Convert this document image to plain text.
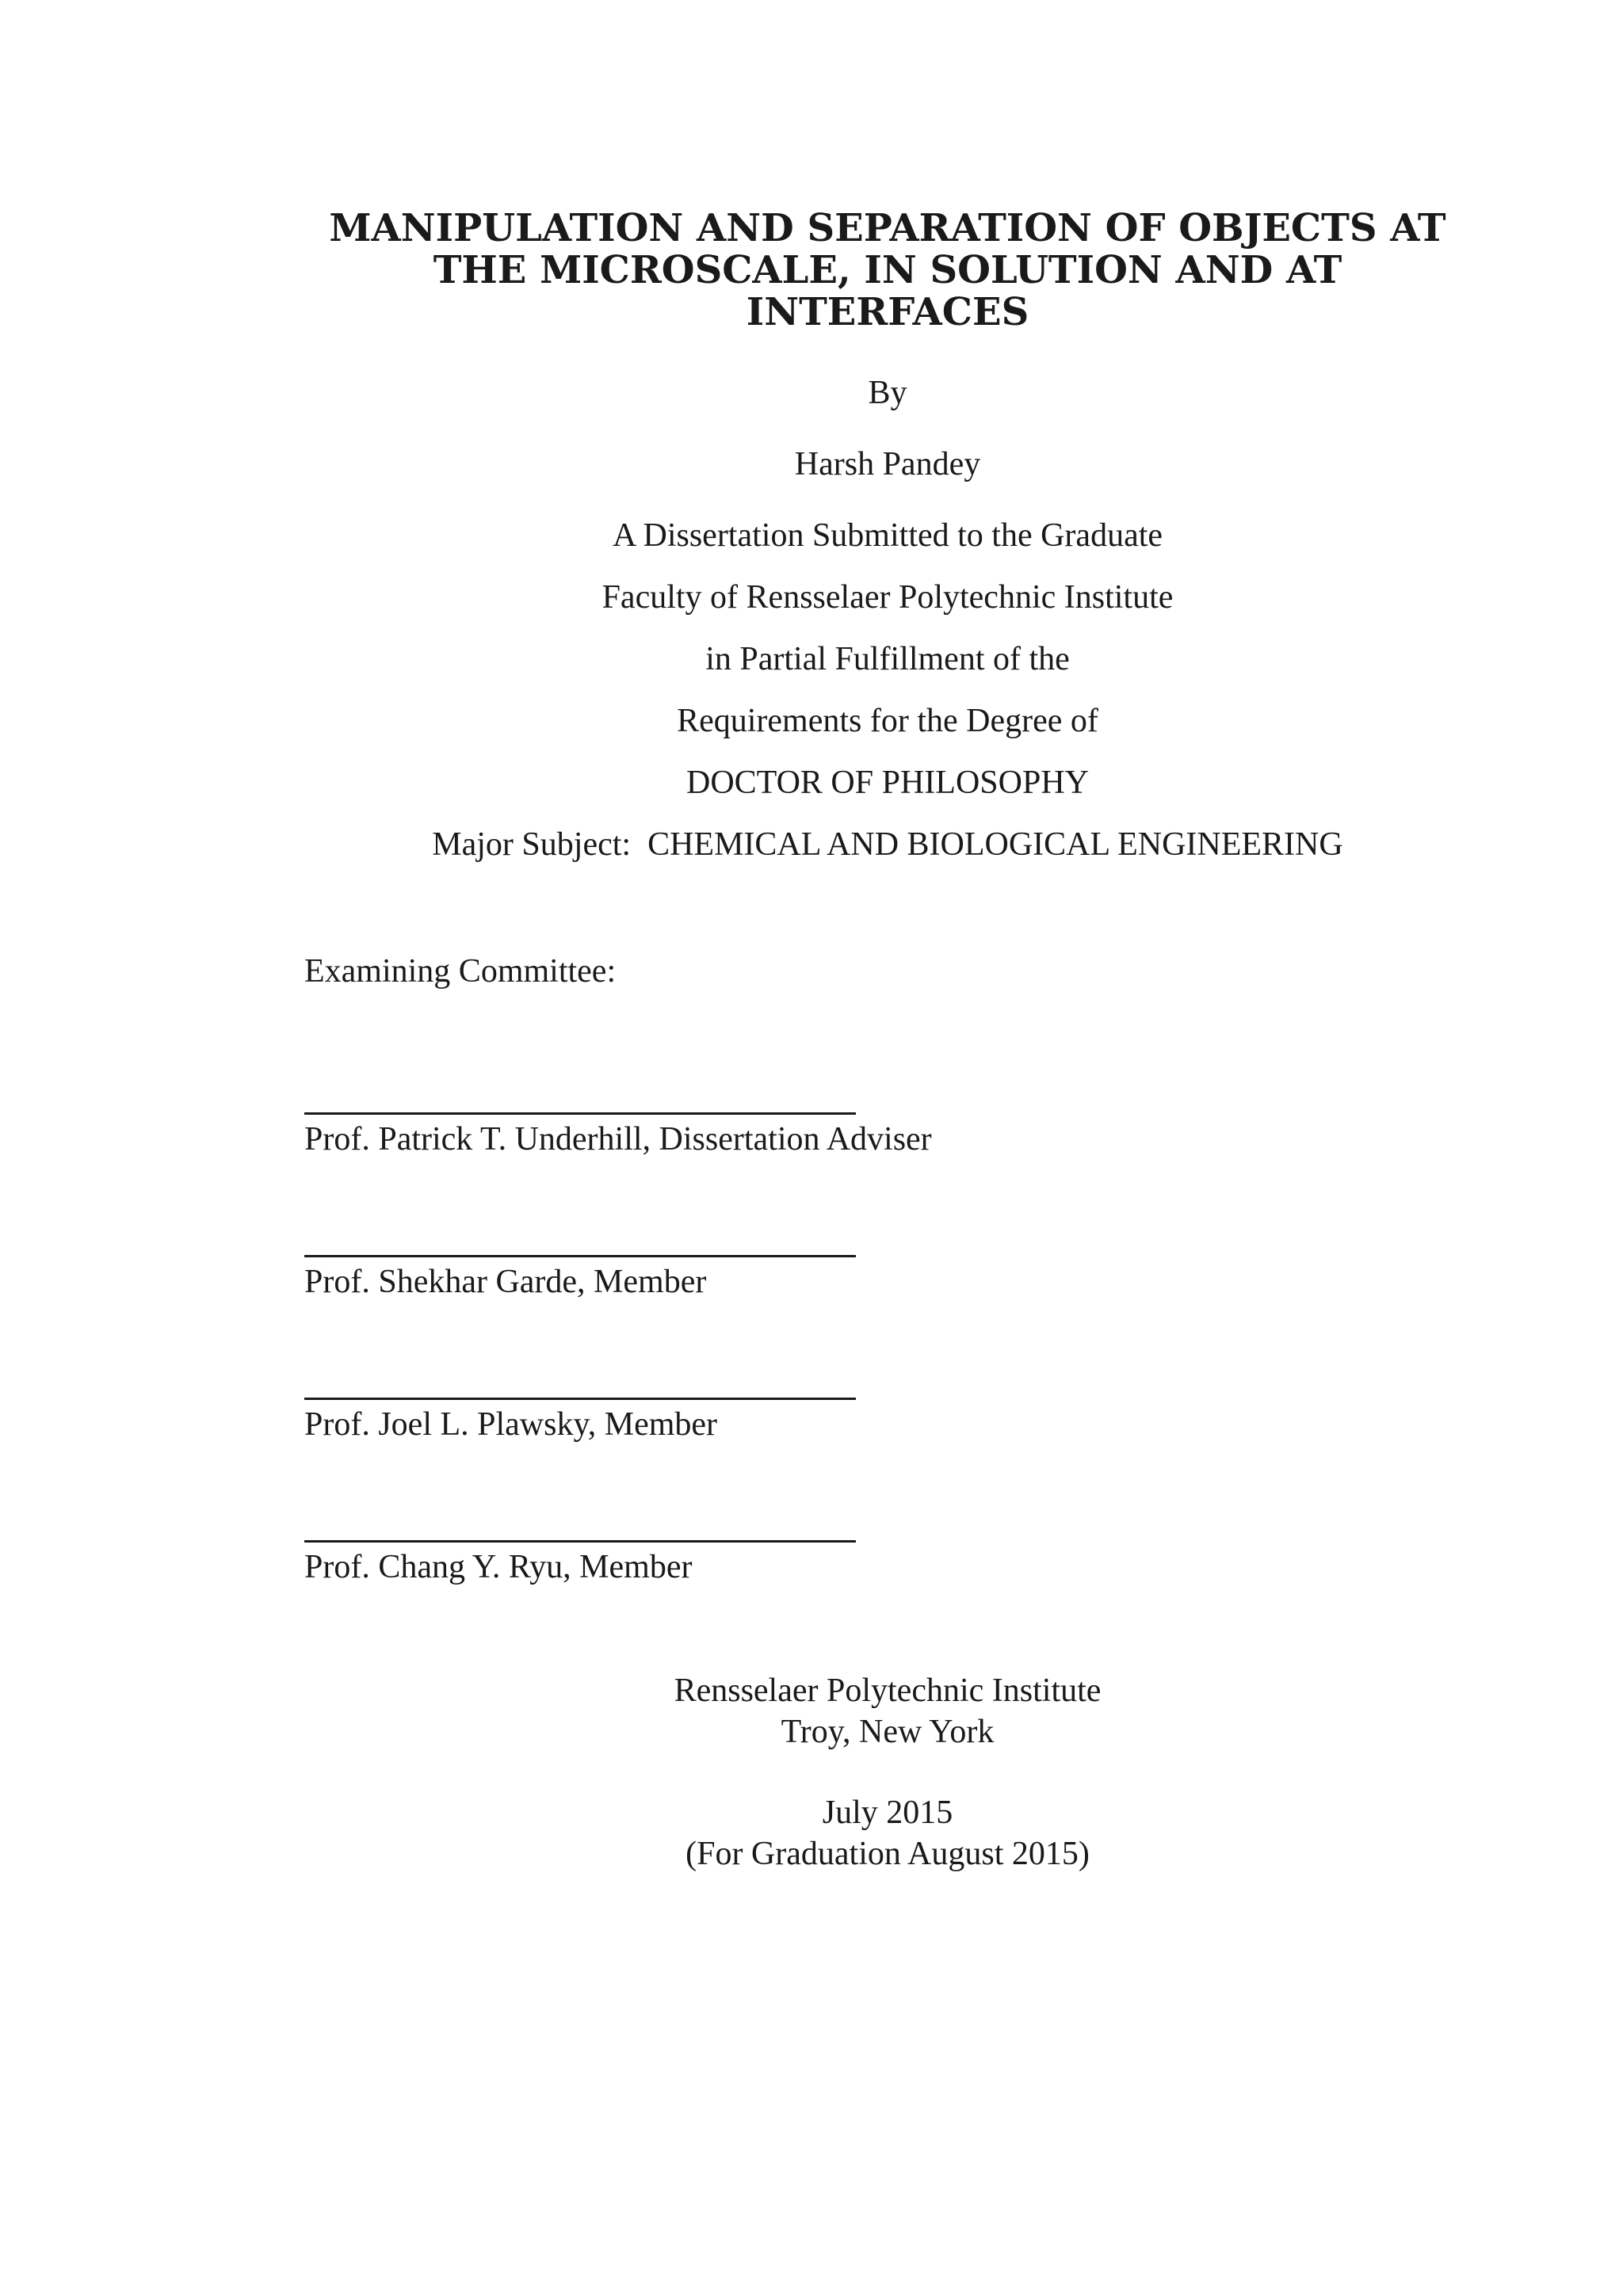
MANIPULATION AND SEPARATION OF OBJECTS AT
THE MICROSCALE, IN SOLUTION AND AT
INTERFACES
By
Harsh Pandey
A Dissertation Submitted to the Graduate
Faculty of Rensselaer Polytechnic Institute
in Partial Fulfillment of the
Requirements for the Degree of
DOCTOR OF PHILOSOPHY
Major Subject: CHEMICAL AND BIOLOGICAL ENGINEERING
Examining Committee:
Prof. Patrick T. Underhill, Dissertation Adviser
Prof. Shekhar Garde, Member
Prof. Joel L. Plawsky, Member
Prof. Chang Y. Ryu, Member
Rensselaer Polytechnic Institute
Troy, New York
July 2015
(For Graduation August 2015)
